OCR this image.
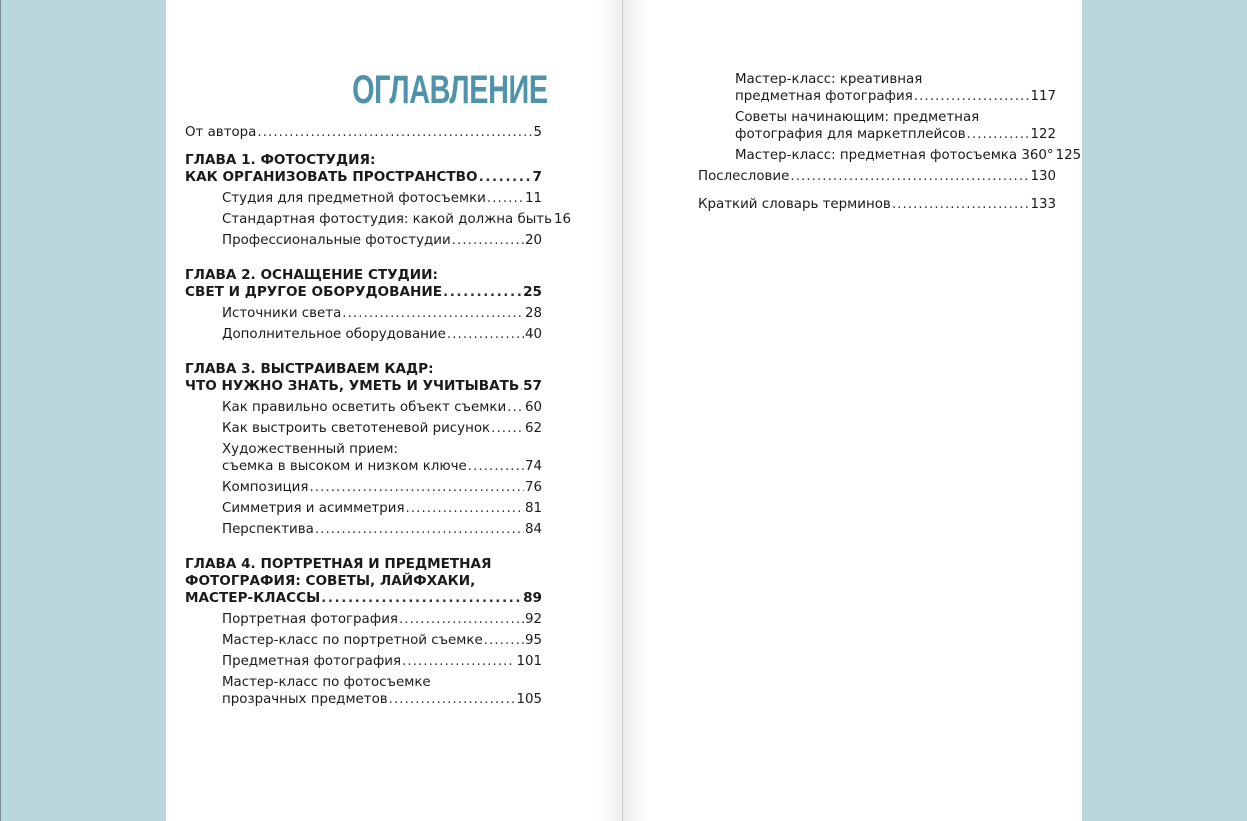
ОГЛАВЛЕНИЕ
От автора . . .	5
ГЛАВА 1. ФОТОСТУДИЯ:
КАК ОРГАНИЗОВАТЬ ПРОСТРАНСТВО . . .	7
Студия для предметной фотосъемки . . .	11
Стандартная фотостудия: какой должна быть 16
Профессиональные фотостудии . . .	20
ГЛАВА 2. ОСНАЩЕНИЕ СТУДИИ:
СВЕТ И ДРУГОЕ ОБОРУДОВАНИЕ . . .	25
Источники света . . .	28
Дополнительное оборудование . . .	40
ГЛАВА 3. ВЫСТРАИВАЕМ КАДР:
ЧТО НУЖНО ЗНАТЬ, УМЕТЬ И УЧИТЫВАТЬ . . . 57
Как правильно осветить объект съемки . . . 60
Как выстроить светотеневой рисунок . . .	62
Художественный прием:
съемка в высоком и низком ключе . . .	74
Композиция . . .	76
Симметрия и асимметрия . . .	81
Перспектива . . .	84
ГЛАВА 4. ПОРТРЕТНАЯ И ПРЕДМЕТНАЯ
ФОТОГРАФИЯ: СОВЕТЫ, ЛАЙФХАКИ,
МАСТЕР-КЛАССЫ . . .	89
Портретная фотография . . .	92
Мастер-класс по портретной съемке . . .	95
Предметная фотография . . .	101
Мастер-класс по фотосъемке
прозрачных предметов . . .	105
Мастер-класс: креативная
предметная фотография . . .	117
Советы начинающим: предметная
фотография для маркетплейсов . . .	122
Мастер-класс: предметная фотосъемка 360° 125
Послесловие . . .	130
Краткий словарь терминов . . .	133
